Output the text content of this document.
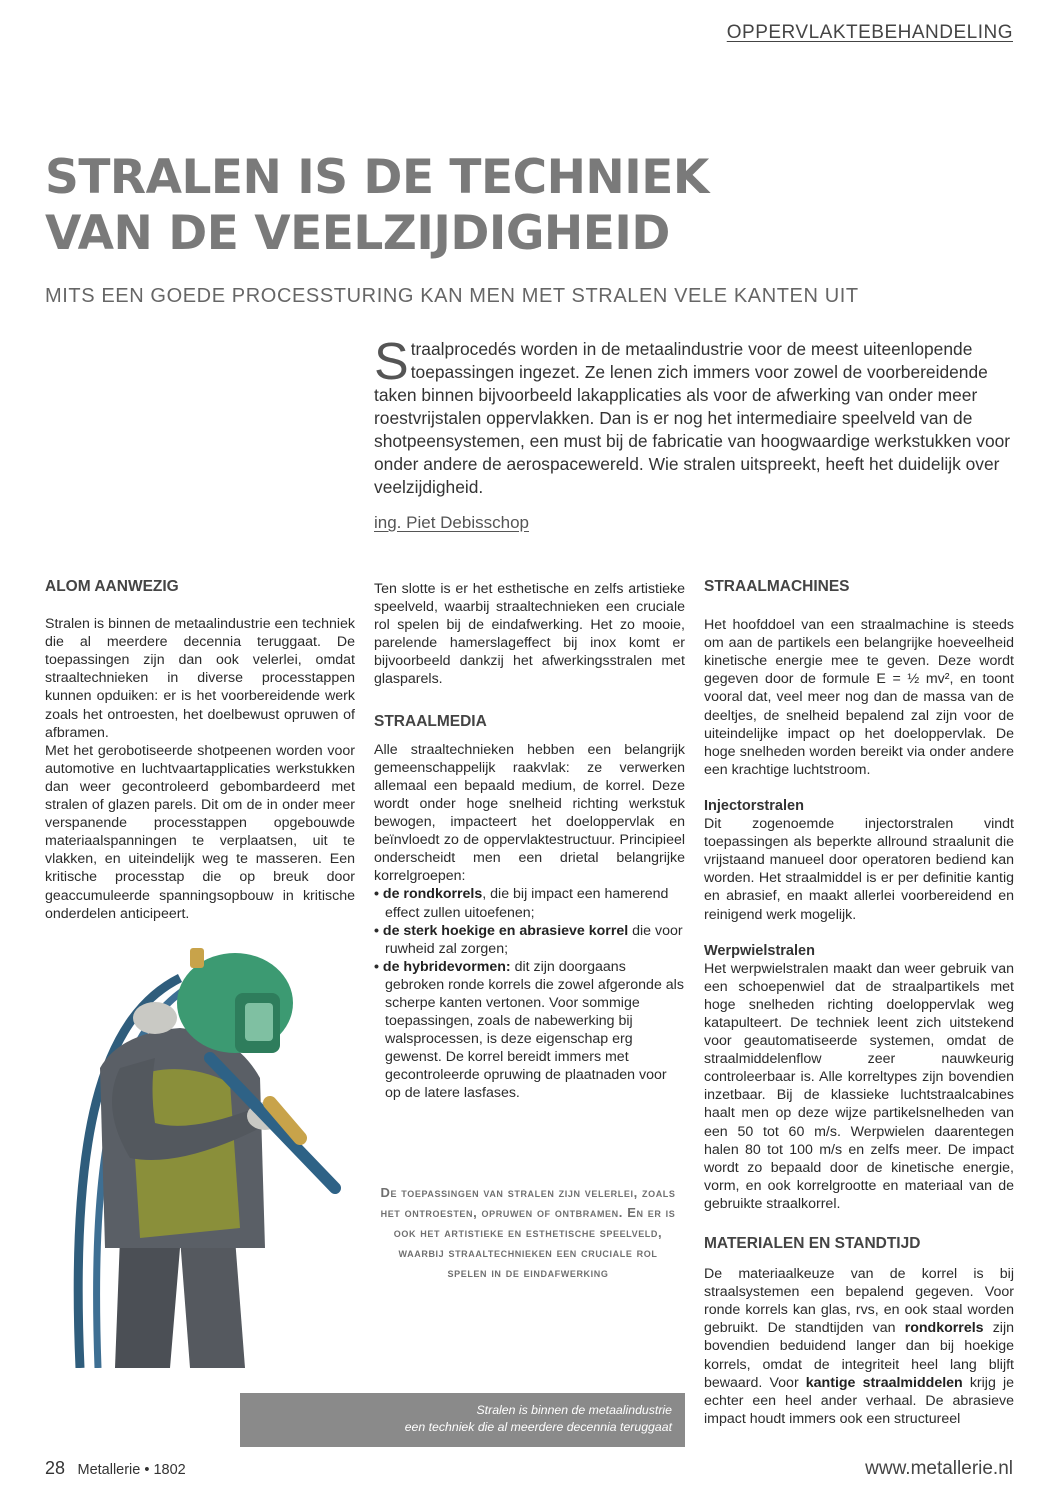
OPPERVLAKTEBEHANDELING
STRALEN IS DE TECHNIEK
VAN DE VEELZIJDIGHEID
MITS EEN GOEDE PROCESSTURING KAN MEN MET STRALEN VELE KANTEN UIT
Straalprocedés worden in de metaalindustrie voor de meest uiteenlopende toepassingen ingezet. Ze lenen zich immers voor zowel de voorbereidende taken binnen bijvoorbeeld lakapplicaties als voor de afwerking van onder meer roestvrijstalen oppervlakken. Dan is er nog het intermediaire speelveld van de shotpeensystemen, een must bij de fabricatie van hoogwaardige werkstukken voor onder andere de aerospacewereld. Wie stralen uitspreekt, heeft het duidelijk over veelzijdigheid.
ing. Piet Debisschop
ALOM AANWEZIG

Stralen is binnen de metaalindustrie een techniek die al meerdere decennia teruggaat. De toepassingen zijn dan ook velerlei, omdat straaltechnieken in diverse processtappen kunnen opduiken: er is het voorbereidende werk zoals het ontroesten, het doelbewust opruwen of afbramen.

Met het gerobotiseerde shotpeenen worden voor automotive en luchtvaartapplicaties werkstukken dan weer gecontroleerd gebombardeerd met stralen of glazen parels. Dit om de in onder meer verspanende processtappen opgebouwde materiaalspanningen te verplaatsen, uit te vlakken, en uiteindelijk weg te masseren. Een kritische processtap die op breuk door geaccumuleerde spanningsopbouw in kritische onderdelen anticipeert.

Ten slotte is er het esthetische en zelfs artistieke speelveld, waarbij straaltechnieken een cruciale rol spelen bij de eindafwerking. Het zo mooie, parelende hamerslageffect bij inox komt er bijvoorbeeld dankzij het afwerkingsstralen met glasparels.

STRAALMEDIA

Alle straaltechnieken hebben een belangrijk gemeenschappelijk raakvlak: ze verwerken allemaal een bepaald medium, de korrel. Deze wordt onder hoge snelheid richting werkstuk bewogen, impacteert het doeloppervlak en beïnvloedt zo de oppervlaktestructuur. Principieel onderscheidt men een drietal belangrijke korrelgroepen:

• de rondkorrels, die bij impact een hamerend effect zullen uitoefenen;
• de sterk hoekige en abrasieve korrel die voor ruwheid zal zorgen;
• de hybridevormen: dit zijn doorgaans gebroken ronde korrels die zowel afgeronde als scherpe kanten vertonen. Voor sommige toepassingen, zoals de nabewerking bij walsprocessen, is deze eigenschap erg gewenst. De korrel bereidt immers met gecontroleerde opruwing de plaatnaden voor op de latere lasfases.
De toepassingen van stralen zijn velerlei, zoals het ontroesten, opruwen of ontbramen. En er is ook het artistieke en esthetische speelveld, waarbij straaltechnieken een cruciale rol spelen in de eindafwerking
STRAALMACHINES

Het hoofddoel van een straalmachine is steeds om aan de partikels een belangrijke hoeveelheid kinetische energie mee te geven. Deze wordt gegeven door de formule E = ½ mv², en toont vooral dat, veel meer nog dan de massa van de deeltjes, de snelheid bepalend zal zijn voor de uiteindelijke impact op het doeloppervlak. De hoge snelheden worden bereikt via onder andere een krachtige luchtstroom.

Injectorstralen

Dit zogenoemde injectorstralen vindt toepassingen als beperkte allround straalunit die vrijstaand manueel door operatoren bediend kan worden. Het straalmiddel is er per definitie kantig en abrasief, en maakt allerlei voorbereidend en reinigend werk mogelijk.

Werpwielstralen

Het werpwielstralen maakt dan weer gebruik van een schoepenwiel dat de straalpartikels met hoge snelheden richting doeloppervlak weg katapulteert. De techniek leent zich uitstekend voor geautomatiseerde systemen, omdat de straalmiddelenflow zeer nauwkeurig controleerbaar is. Alle korreltypes zijn bovendien inzetbaar. Bij de klassieke luchtstraalcabines haalt men op deze wijze partikelsnelheden van een 50 tot 60 m/s. Werpwielen daarentegen halen 80 tot 100 m/s en zelfs meer. De impact wordt zo bepaald door de kinetische energie, vorm, en ook korrelgrootte en materiaal van de gebruikte straalkorrel.

MATERIALEN EN STANDTIJD

De materiaalkeuze van de korrel is bij straalsystemen een bepalend gegeven. Voor ronde korrels kan glas, rvs, en ook staal worden gebruikt. De standtijden van rondkorrels zijn bovendien beduidend langer dan bij hoekige korrels, omdat de integriteit heel lang blijft bewaard. Voor kantige straalmiddelen krijg je echter een heel ander verhaal. De abrasieve impact houdt immers ook een structureel

Stralen is binnen de metaalindustrie
een techniek die al meerdere decennia teruggaat
28 Metallerie • 1802	www.metallerie.nl
